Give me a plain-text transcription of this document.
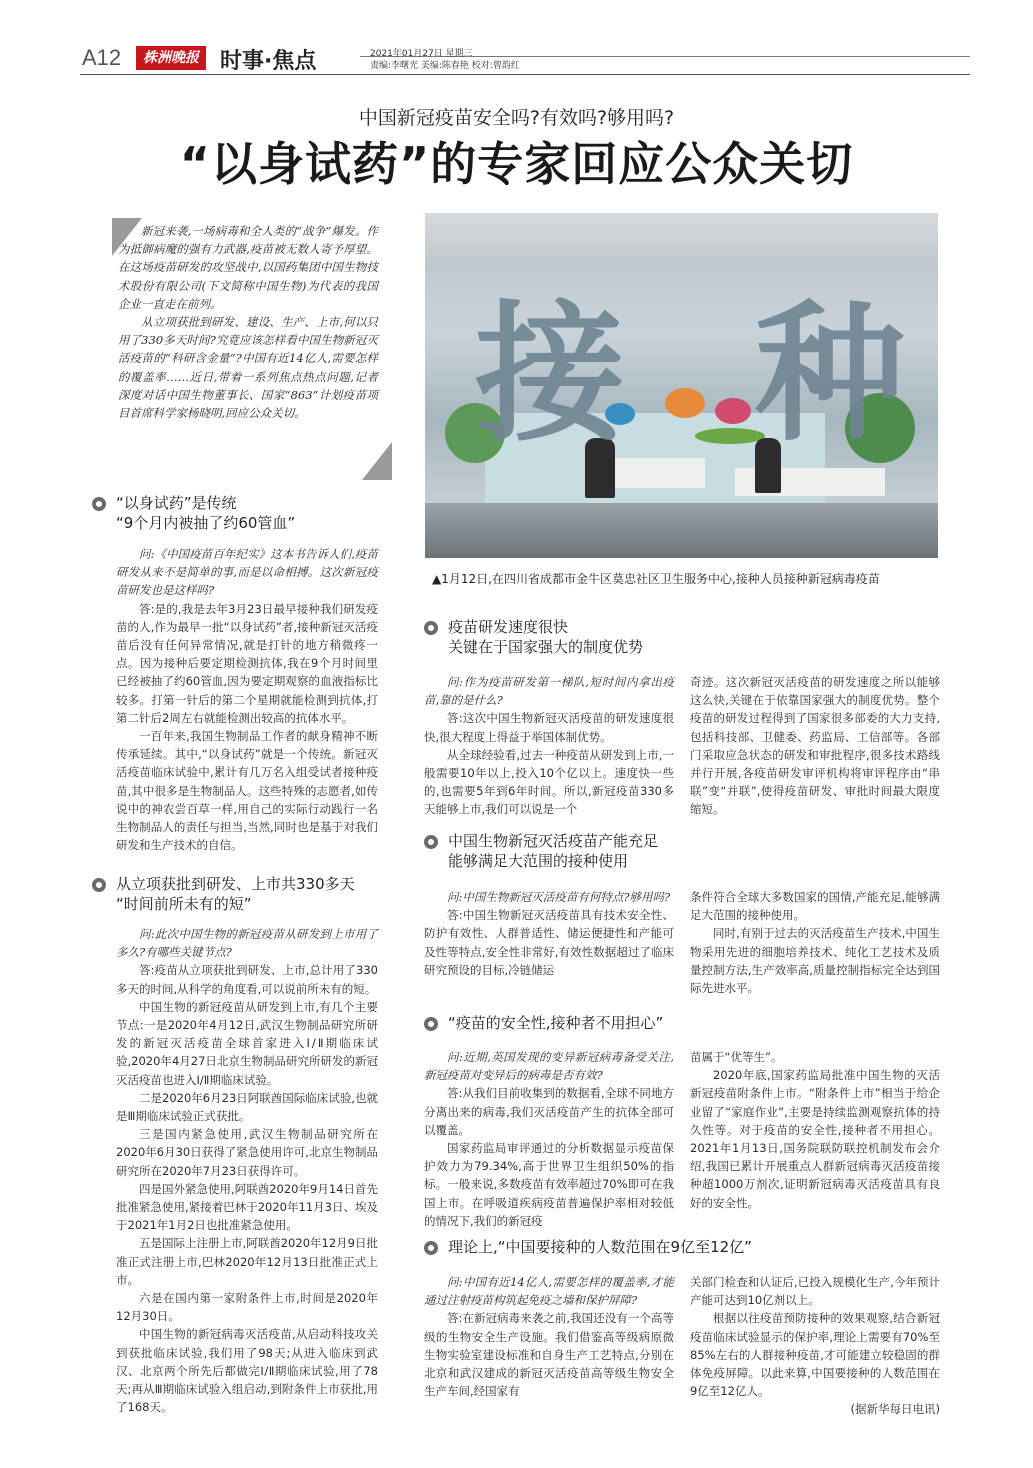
A12	株洲晚报 时事·焦点	2021年01月27日 星期三
责编:李曙光 美编:陈春艳 校对:曾韵红
中国新冠疫苗安全吗?有效吗?够用吗?
“以身试药”的专家回应公众关切

新冠来袭,一场病毒和全人类的“战争”爆发。作为抵御病魔的强有力武器,疫苗被无数人寄予厚望。在这场疫苗研发的攻坚战中,以国药集团中国生物技术股份有限公司(下文简称中国生物)为代表的我国企业一直走在前列。

从立项获批到研发、建设、生产、上市,何以只用了330多天时间?究竟应该怎样看中国生物新冠灭活疫苗的“科研含金量”?中国有近14亿人,需要怎样的覆盖率……近日,带着一系列焦点热点问题,记者深度对话中国生物董事长、国家“863”计划疫苗项目首席科学家杨晓明,回应公众关切。	接 种
▲1月12日,在四川省成都市金牛区莫忠社区卫生服务中心,接种人员接种新冠病毒疫苗
“以身试药”是传统
“9个月内被抽了约60管血”

问:《中国疫苗百年纪实》这本书告诉人们,疫苗研发从来不是简单的事,而是以命相搏。这次新冠疫苗研发也是这样吗?

答:是的,我是去年3月23日最早接种我们研发疫苗的人,作为最早一批“以身试药”者,接种新冠灭活疫苗后没有任何异常情况,就是打针的地方稍微疼一点。因为接种后要定期检测抗体,我在9个月时间里已经被抽了约60管血,因为要定期观察的血液指标比较多。打第一针后的第二个星期就能检测到抗体,打第二针后2周左右就能检测出较高的抗体水平。

一百年来,我国生物制品工作者的献身精神不断传承延续。其中,“以身试药”就是一个传统。新冠灭活疫苗临床试验中,累计有几万名入组受试者接种疫苗,其中很多是生物制品人。这些特殊的志愿者,如传说中的神农尝百草一样,用自己的实际行动践行一名生物制品人的责任与担当,当然,同时也是基于对我们研发和生产技术的自信。

从立项获批到研发、上市共330多天
“时间前所未有的短”

问:此次中国生物的新冠疫苗从研发到上市用了多久?有哪些关键节点?

答:疫苗从立项获批到研发、上市,总计用了330多天的时间,从科学的角度看,可以说前所未有的短。

中国生物的新冠疫苗从研发到上市,有几个主要节点:一是2020年4月12日,武汉生物制品研究所研发的新冠灭活疫苗全球首家进入Ⅰ/Ⅱ期临床试验,2020年4月27日北京生物制品研究所研发的新冠灭活疫苗也进入Ⅰ/Ⅱ期临床试验。

二是2020年6月23日阿联酋国际临床试验,也就是Ⅲ期临床试验正式获批。

三是国内紧急使用,武汉生物制品研究所在2020年6月30日获得了紧急使用许可,北京生物制品研究所在2020年7月23日获得许可。

四是国外紧急使用,阿联酋2020年9月14日首先批准紧急使用,紧接着巴林于2020年11月3日、埃及于2021年1月2日也批准紧急使用。

五是国际上注册上市,阿联酋2020年12月9日批准正式注册上市,巴林2020年12月13日批准正式上市。

六是在国内第一家附条件上市,时间是2020年12月30日。

中国生物的新冠病毒灭活疫苗,从启动科技攻关到获批临床试验,我们用了98天;从进入临床到武汉、北京两个所先后都做完Ⅰ/Ⅱ期临床试验,用了78天;再从Ⅲ期临床试验入组启动,到附条件上市获批,用了168天。

疫苗研发速度很快
关键在于国家强大的制度优势

问:作为疫苗研发第一梯队,短时间内拿出疫苗,靠的是什么?

答:这次中国生物新冠灭活疫苗的研发速度很快,很大程度上得益于举国体制优势。

从全球经验看,过去一种疫苗从研发到上市,一般需要10年以上,投入10个亿以上。速度快一些的,也需要5年到6年时间。所以,新冠疫苗330多天能够上市,我们可以说是一个

奇迹。这次新冠灭活疫苗的研发速度之所以能够这么快,关键在于依靠国家强大的制度优势。整个疫苗的研发过程得到了国家很多部委的大力支持,包括科技部、卫健委、药监局、工信部等。各部门采取应急状态的研发和审批程序,很多技术路线并行开展,各疫苗研发审评机构将审评程序由“串联”变“并联”,使得疫苗研发、审批时间最大限度缩短。

中国生物新冠灭活疫苗产能充足
能够满足大范围的接种使用

问:中国生物新冠灭活疫苗有何特点?够用吗?

答:中国生物新冠灭活疫苗具有技术安全性、防护有效性、人群普适性、储运便捷性和产能可及性等特点,安全性非常好,有效性数据超过了临床研究预设的目标,冷链储运

条件符合全球大多数国家的国情,产能充足,能够满足大范围的接种使用。

同时,有别于过去的灭活疫苗生产技术,中国生物采用先进的细胞培养技术、纯化工艺技术及质量控制方法,生产效率高,质量控制指标完全达到国际先进水平。

“疫苗的安全性,接种者不用担心”

问:近期,英国发现的变异新冠病毒备受关注,新冠疫苗对变异后的病毒是否有效?

答:从我们目前收集到的数据看,全球不同地方分离出来的病毒,我们灭活疫苗产生的抗体全部可以覆盖。

国家药监局审评通过的分析数据显示疫苗保护效力为79.34%,高于世界卫生组织50%的指标。一般来说,多数疫苗有效率超过70%即可在我国上市。在呼吸道疾病疫苗普遍保护率相对较低的情况下,我们的新冠疫

苗属于“优等生”。

2020年底,国家药监局批准中国生物的灭活新冠疫苗附条件上市。“附条件上市”相当于给企业留了“家庭作业”,主要是持续监测观察抗体的持久性等。对于疫苗的安全性,接种者不用担心。2021年1月13日,国务院联防联控机制发布会介绍,我国已累计开展重点人群新冠病毒灭活疫苗接种超1000万剂次,证明新冠病毒灭活疫苗具有良好的安全性。

理论上,“中国要接种的人数范围在9亿至12亿”

问:中国有近14亿人,需要怎样的覆盖率,才能通过注射疫苗构筑起免疫之墙和保护屏障?

答:在新冠病毒来袭之前,我国还没有一个高等级的生物安全生产设施。我们借鉴高等级病原微生物实验室建设标准和自身生产工艺特点,分别在北京和武汉建成的新冠灭活疫苗高等级生物安全生产车间,经国家有

关部门检查和认证后,已投入规模化生产,今年预计产能可达到10亿剂以上。

根据以往疫苗预防接种的效果观察,结合新冠疫苗临床试验显示的保护率,理论上需要有70%至85%左右的人群接种疫苗,才可能建立较稳固的群体免疫屏障。以此来算,中国要接种的人数范围在9亿至12亿人。

(据新华每日电讯)
